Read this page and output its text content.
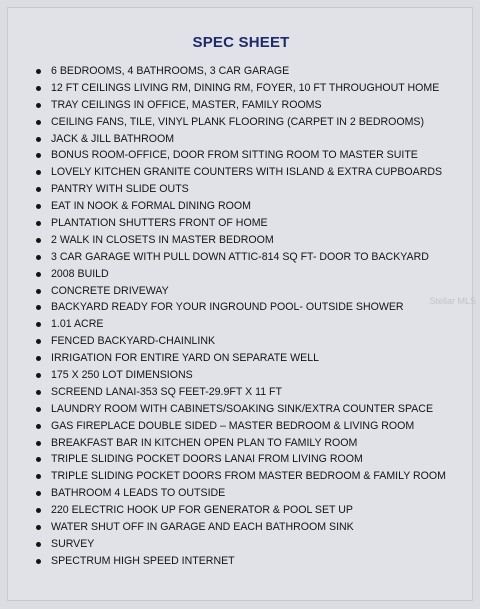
SPEC SHEET
6 BEDROOMS, 4 BATHROOMS, 3 CAR GARAGE
12 FT CEILINGS LIVING RM, DINING RM, FOYER, 10 FT THROUGHOUT HOME
TRAY CEILINGS IN OFFICE, MASTER, FAMILY ROOMS
CEILING FANS, TILE, VINYL PLANK FLOORING (CARPET IN 2 BEDROOMS)
JACK & JILL BATHROOM
BONUS ROOM-OFFICE, DOOR FROM SITTING ROOM TO MASTER SUITE
LOVELY KITCHEN GRANITE COUNTERS WITH ISLAND & EXTRA CUPBOARDS
PANTRY WITH SLIDE OUTS
EAT IN NOOK & FORMAL DINING ROOM
PLANTATION SHUTTERS FRONT OF HOME
2 WALK IN CLOSETS IN MASTER BEDROOM
3 CAR GARAGE WITH PULL DOWN ATTIC-814 SQ FT- DOOR TO BACKYARD
2008 BUILD
CONCRETE DRIVEWAY
BACKYARD READY FOR YOUR INGROUND POOL- OUTSIDE SHOWER
1.01 ACRE
FENCED BACKYARD-CHAINLINK
IRRIGATION FOR ENTIRE YARD ON SEPARATE WELL
175 X 250 LOT DIMENSIONS
SCREEND LANAI-353 SQ FEET-29.9FT X 11 FT
LAUNDRY ROOM WITH CABINETS/SOAKING SINK/EXTRA COUNTER SPACE
GAS FIREPLACE DOUBLE SIDED – MASTER BEDROOM & LIVING ROOM
BREAKFAST BAR IN KITCHEN OPEN PLAN TO FAMILY ROOM
TRIPLE SLIDING POCKET DOORS LANAI FROM LIVING ROOM
TRIPLE SLIDING POCKET DOORS FROM MASTER BEDROOM & FAMILY ROOM
BATHROOM 4 LEADS TO OUTSIDE
220 ELECTRIC HOOK UP FOR GENERATOR & POOL SET UP
WATER SHUT OFF IN GARAGE AND EACH BATHROOM SINK
SURVEY
SPECTRUM HIGH SPEED INTERNET
Stellar MLS
